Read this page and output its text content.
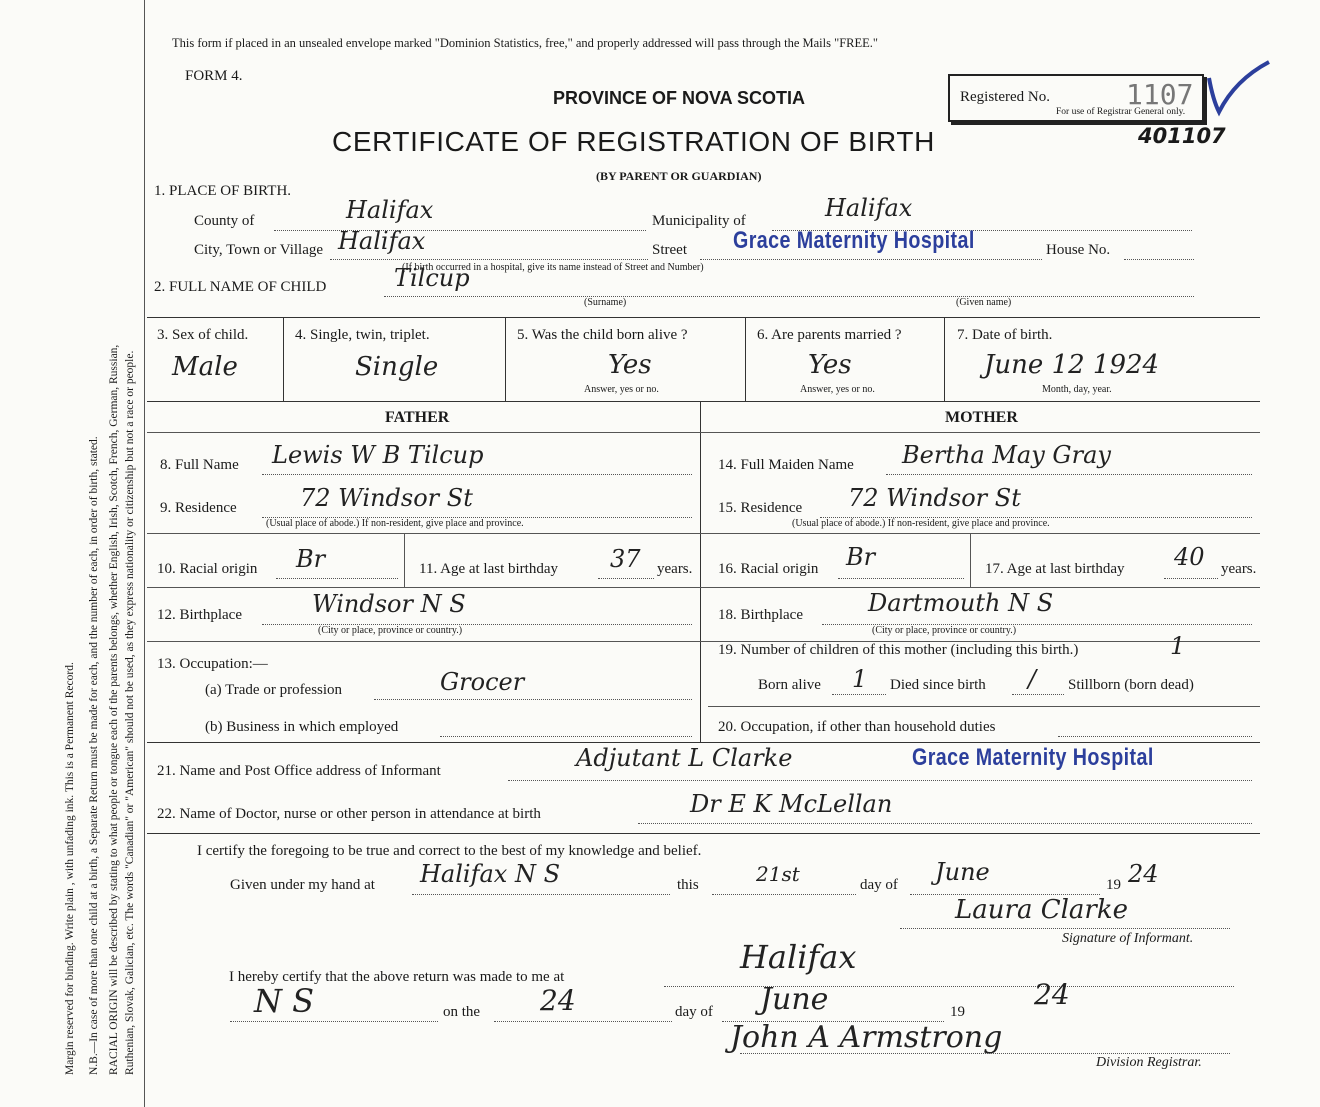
Margin reserved for binding. Write plain , with unfading ink. This is a Permanent Record. N.B.—In case of more than one child at a birth, a Separate Return must be made for each, and the number of each, in order of birth, stated. RACIAL ORIGIN will be described by stating to what people or tongue each of the parents belongs, whether English, Irish, Scotch, French, German, Russian, Ruthenian, Slovak, Galician, etc. The words "Canadian" or "American" should not be used, as they express nationality or citizenship but not a race or people.
This form if placed in an unsealed envelope marked "Dominion Statistics, free," and properly addressed will pass through the Mails "FREE."
FORM 4.
PROVINCE OF NOVA SCOTIA
CERTIFICATE OF REGISTRATION OF BIRTH
(BY PARENT OR GUARDIAN)
Registered No.	1107
For use of Registrar General only.
401107
1. PLACE OF BIRTH.
County of	Halifax	Municipality of	Halifax
City, Town or Village Halifax	Street Grace Maternity Hospital	House No.
(If birth occurred in a hospital, give its name instead of Street and Number)
2. FULL NAME OF CHILD	Tilcup
(Surname)	(Given name)
3. Sex of child.
Male
4. Single, twin, triplet.
Single
5. Was the child born alive ?
Yes
Answer, yes or no.
6. Are parents married ?
Yes
Answer, yes or no.
7. Date of birth.
June 12 1924
Month, day, year.
FATHER	MOTHER
8. Full Name Lewis W B Tilcup
9. Residence	72 Windsor St
(Usual place of abode.) If non-resident, give place and province.
10. Racial origin Br	11. Age at last birthday 37 years.
12. Birthplace	Windsor N S
(City or place, province or country.)
13. Occupation:—
(a) Trade or profession	Grocer
(b) Business in which employed
14. Full Maiden Name Bertha May Gray
15. Residence 72 Windsor St
(Usual place of abode.) If non-resident, give place and province.
16. Racial origin Br	17. Age at last birthday 40 years.
18. Birthplace	Dartmouth N S
(City or place, province or country.)
19. Number of children of this mother (including this birth.)	1
Born alive 1 Died since birth / Stillborn (born dead)
20. Occupation, if other than household duties
21. Name and Post Office address of Informant	Adjutant L Clarke	Grace Maternity Hospital
22. Name of Doctor, nurse or other person in attendance at birth	Dr E K McLellan
I certify the foregoing to be true and correct to the best of my knowledge and belief.
Given under my hand at Halifax N S	this	21st	day of June	19 24
Laura Clarke
Signature of Informant.
I hereby certify that the above return was made to me at
Halifax
N S	on the 24	day of June	19
24
John A Armstrong
Division Registrar.
